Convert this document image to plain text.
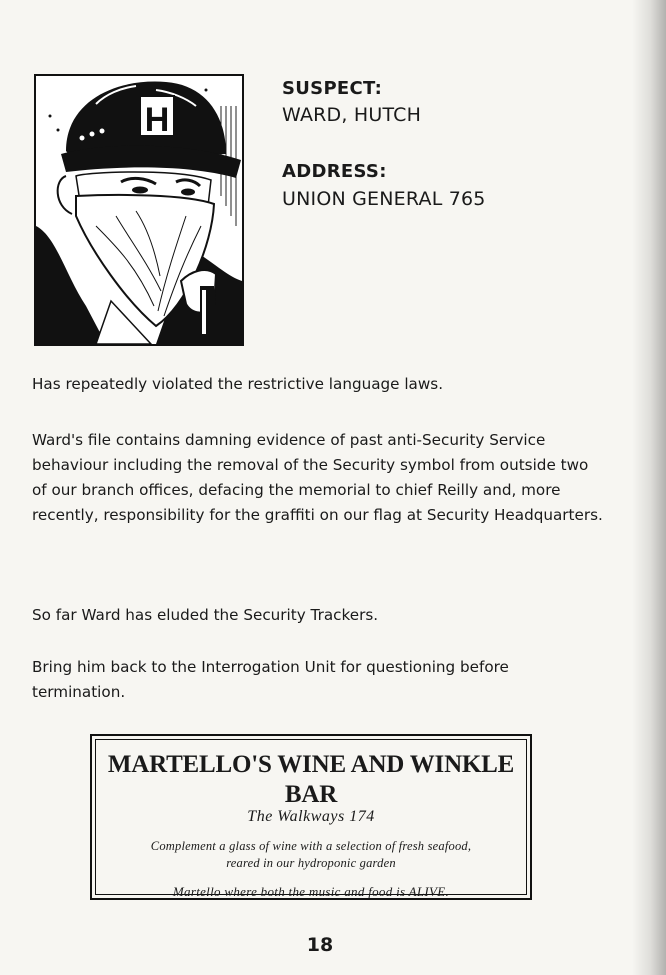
H
SUSPECT:
WARD, HUTCH
ADDRESS:
UNION GENERAL 765
Has repeatedly violated the restrictive language laws.
Ward's file contains damning evidence of past anti-Security Service behaviour including the removal of the Security symbol from outside two of our branch offices, defacing the memorial to chief Reilly and, more recently, responsibility for the graffiti on our flag at Security Headquarters.
So far Ward has eluded the Security Trackers.
Bring him back to the Interrogation Unit for questioning before termination.
MARTELLO'S WINE AND WINKLE BAR
The Walkways 174
Complement a glass of wine with a selection of fresh seafood,
reared in our hydroponic garden
Martello where both the music and food is ALIVE.
18
